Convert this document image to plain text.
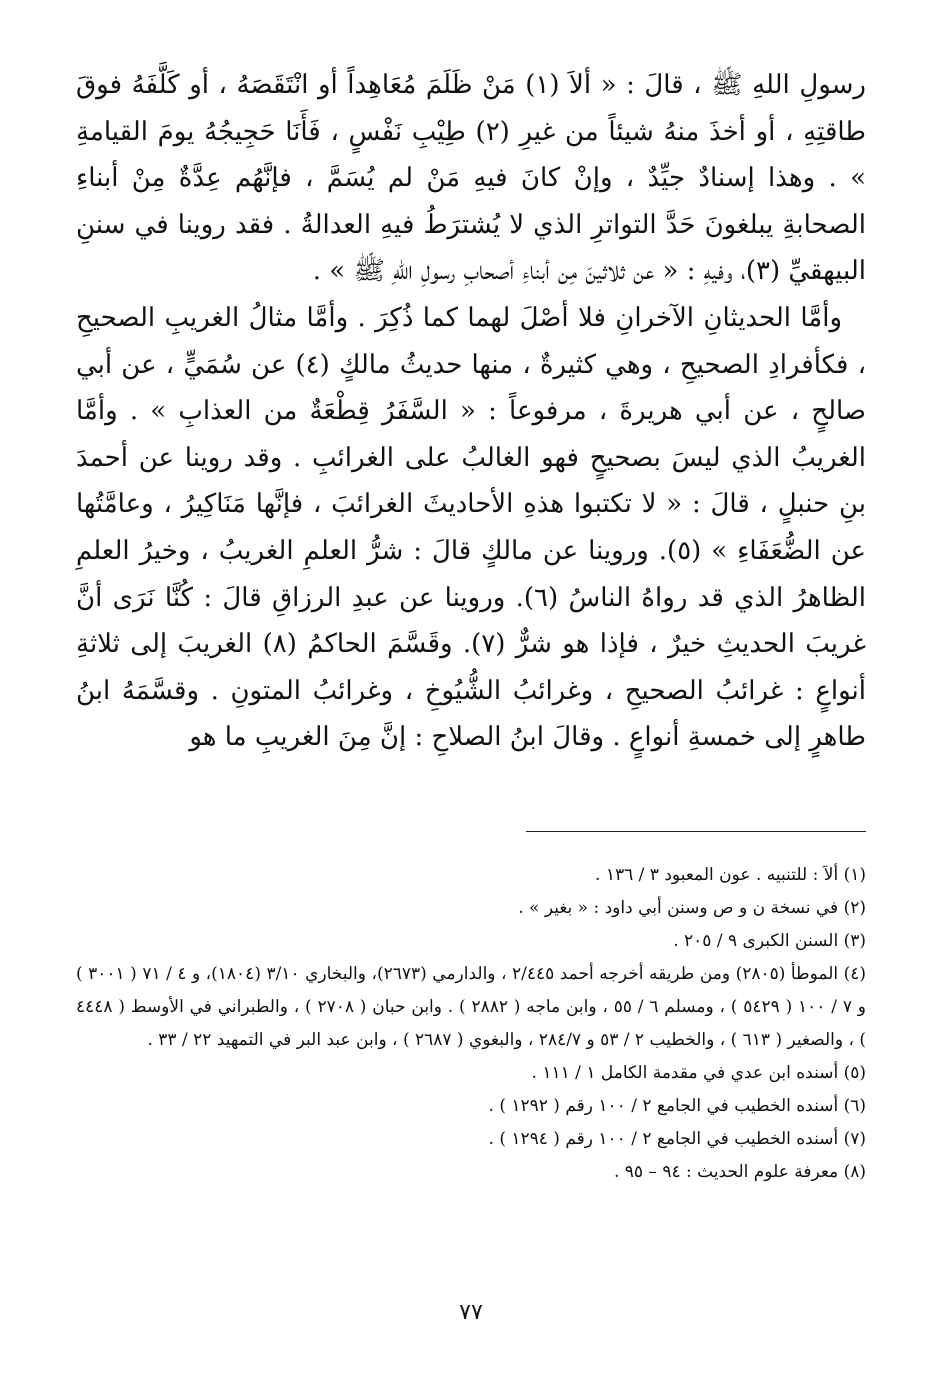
رسولِ اللهِ ﷺ ، قالَ : « ألاَ (١) مَنْ ظَلَمَ مُعَاهِداً أو انْتَقَصَهُ ، أو كَلَّفَهُ فوقَ طاقتِهِ ، أو أخذَ منهُ شيئاً من غيرِ (٢) طِيْبِ نَفْسٍ ، فَأَنَا حَجِيجُهُ يومَ القيامةِ » . وهذا إسنادٌ جيِّدٌ ، وإنْ كانَ فيهِ مَنْ لم يُسَمَّ ، فإنَّهُم عِدَّةٌ مِنْ أبناءِ الصحابةِ يبلغونَ حَدَّ التواترِ الذي لا يُشترَطُ فيهِ العدالةُ . فقد روينا في سننِ البيهقيِّ (٣)، وفيهِ : « عن ثلاثينَ مِن أبناءِ أصحابِ رسولِ اللهِ ﷺ » .

وأمَّا الحديثانِ الآخرانِ فلا أصْلَ لهما كما ذُكِرَ . وأمَّا مثالُ الغريبِ الصحيحِ ، فكأفرادِ الصحيحِ ، وهي كثيرةٌ ، منها حديثُ مالكٍ (٤) عن سُمَيٍّ ، عن أبي صالحٍ ، عن أبي هريرةَ ، مرفوعاً : « السَّفَرُ قِطْعَةٌ من العذابِ » . وأمَّا الغريبُ الذي ليسَ بصحيحٍ فهو الغالبُ على الغرائبِ . وقد روينا عن أحمدَ بنِ حنبلٍ ، قالَ : « لا تكتبوا هذهِ الأحاديثَ الغرائبَ ، فإنَّها مَنَاكِيرُ ، وعامَّتُها عن الضُّعَفَاءِ » (٥). وروينا عن مالكٍ قالَ : شرُّ العلمِ الغريبُ ، وخيرُ العلمِ الظاهرُ الذي قد رواهُ الناسُ (٦). وروينا عن عبدِ الرزاقِ قالَ : كُنَّا نَرَى أنَّ غريبَ الحديثِ خيرٌ ، فإذا هو شرٌّ (٧). وقَسَّمَ الحاكمُ (٨) الغريبَ إلى ثلاثةِ أنواعٍ : غرائبُ الصحيحِ ، وغرائبُ الشُّيُوخِ ، وغرائبُ المتونِ . وقسَّمَهُ ابنُ طاهرٍ إلى خمسةِ أنواعٍ . وقالَ ابنُ الصلاحِ : إنَّ مِنَ الغريبِ ما هو

(١) ألاَ : للتنبيه . عون المعبود ٣ / ١٣٦ .

(٢) في نسخة ن و ص وسنن أبي داود : « بغير » .

(٣) السنن الكبرى ٩ / ٢٠٥ .

(٤) الموطأ (٢٨٠٥) ومن طريقه أخرجه أحمد ٢/٤٤٥ ، والدارمي (٢٦٧٣)، والبخاري ٣/١٠ (١٨٠٤)، و ٤ / ٧١ ( ٣٠٠١ ) و ٧ / ١٠٠ ( ٥٤٢٩ ) ، ومسلم ٦ / ٥٥ ، وابن ماجه ( ٢٨٨٢ ) . وابن حبان ( ٢٧٠٨ ) ، والطبراني في الأوسط ( ٤٤٤٨ ) ، والصغير ( ٦١٣ ) ، والخطيب ٢ / ٥٣ و ٢٨٤/٧ ، والبغوي ( ٢٦٨٧ ) ، وابن عبد البر في التمهيد ٢٢ / ٣٣ .

(٥) أسنده ابن عدي في مقدمة الكامل ١ / ١١١ .

(٦) أسنده الخطيب في الجامع ٢ / ١٠٠ رقم ( ١٢٩٢ ) .

(٧) أسنده الخطيب في الجامع ٢ / ١٠٠ رقم ( ١٢٩٤ ) .

(٨) معرفة علوم الحديث : ٩٤ – ٩٥ .

٧٧
